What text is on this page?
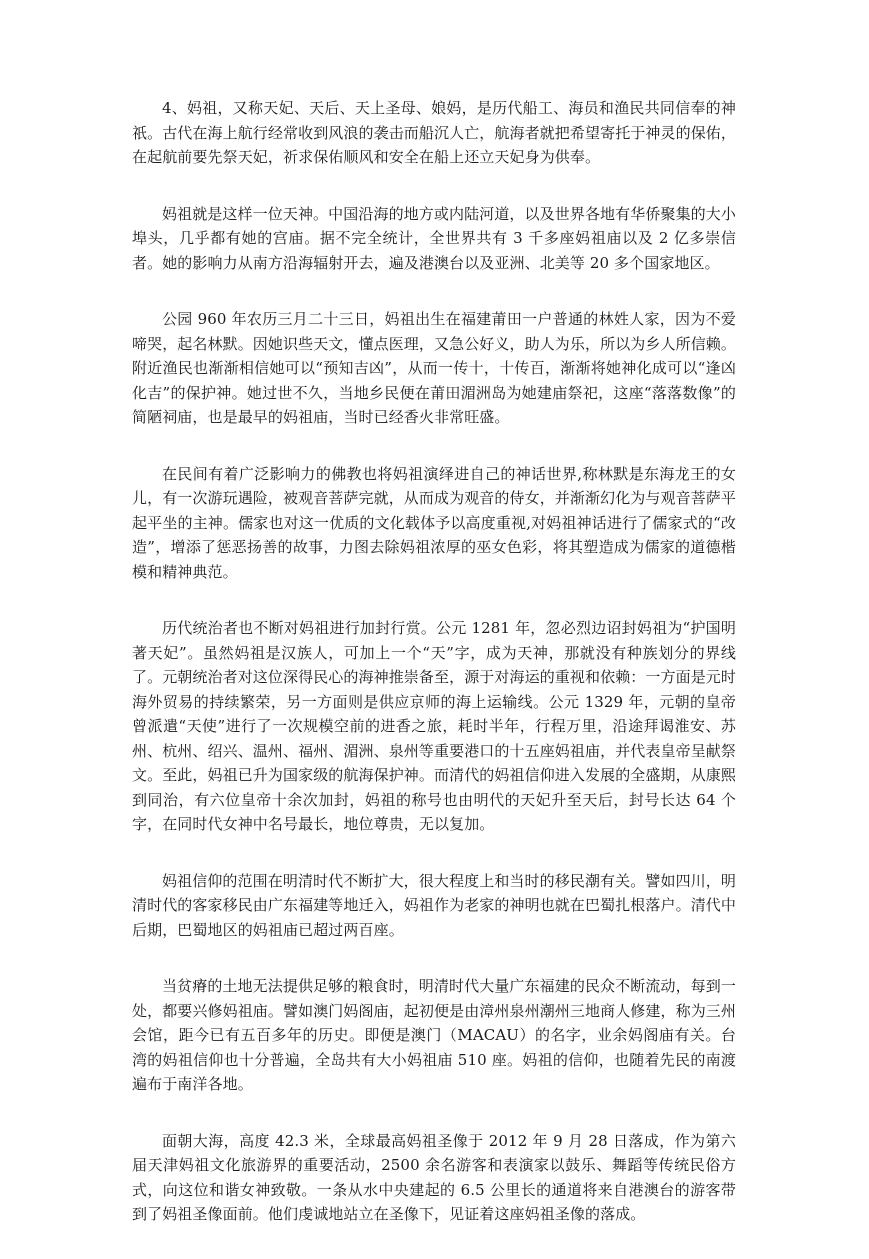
4、妈祖，又称天妃、天后、天上圣母、娘妈，是历代船工、海员和渔民共同信奉的神祇。古代在海上航行经常收到风浪的袭击而船沉人亡，航海者就把希望寄托于神灵的保佑，在起航前要先祭天妃，祈求保佑顺风和安全在船上还立天妃身为供奉。

妈祖就是这样一位天神。中国沿海的地方或内陆河道，以及世界各地有华侨聚集的大小埠头，几乎都有她的宫庙。据不完全统计，全世界共有 3 千多座妈祖庙以及 2 亿多崇信者。她的影响力从南方沿海辐射开去，遍及港澳台以及亚洲、北美等 20 多个国家地区。

公园 960 年农历三月二十三日，妈祖出生在福建莆田一户普通的林姓人家，因为不爱啼哭，起名林默。因她识些天文，懂点医理，又急公好义，助人为乐，所以为乡人所信赖。附近渔民也渐渐相信她可以“预知吉凶”，从而一传十，十传百，渐渐将她神化成可以“逢凶化吉”的保护神。她过世不久，当地乡民便在莆田湄洲岛为她建庙祭祀，这座“落落数像”的简陋祠庙，也是最早的妈祖庙，当时已经香火非常旺盛。

在民间有着广泛影响力的佛教也将妈祖演绎进自己的神话世界,称林默是东海龙王的女儿，有一次游玩遇险，被观音菩萨完就，从而成为观音的侍女，并渐渐幻化为与观音菩萨平起平坐的主神。儒家也对这一优质的文化载体予以高度重视,对妈祖神话进行了儒家式的“改造”，增添了惩恶扬善的故事，力图去除妈祖浓厚的巫女色彩，将其塑造成为儒家的道德楷模和精神典范。

历代统治者也不断对妈祖进行加封行赏。公元 1281 年，忽必烈边诏封妈祖为“护国明著天妃”。虽然妈祖是汉族人，可加上一个“天”字，成为天神，那就没有种族划分的界线了。元朝统治者对这位深得民心的海神推崇备至，源于对海运的重视和依赖：一方面是元时海外贸易的持续繁荣，另一方面则是供应京师的海上运输线。公元 1329 年，元朝的皇帝曾派遣“天使”进行了一次规模空前的进香之旅，耗时半年，行程万里，沿途拜谒淮安、苏州、杭州、绍兴、温州、福州、湄洲、泉州等重要港口的十五座妈祖庙，并代表皇帝呈献祭文。至此，妈祖已升为国家级的航海保护神。而清代的妈祖信仰进入发展的全盛期，从康熙到同治，有六位皇帝十余次加封，妈祖的称号也由明代的天妃升至天后，封号长达 64 个字，在同时代女神中名号最长，地位尊贵，无以复加。

妈祖信仰的范围在明清时代不断扩大，很大程度上和当时的移民潮有关。譬如四川，明清时代的客家移民由广东福建等地迁入，妈祖作为老家的神明也就在巴蜀扎根落户。清代中后期，巴蜀地区的妈祖庙已超过两百座。

当贫瘠的土地无法提供足够的粮食时，明清时代大量广东福建的民众不断流动，每到一处，都要兴修妈祖庙。譬如澳门妈阁庙，起初便是由漳州泉州潮州三地商人修建，称为三州会馆，距今已有五百多年的历史。即便是澳门（MACAU）的名字，业余妈阁庙有关。台湾的妈祖信仰也十分普遍，全岛共有大小妈祖庙 510 座。妈祖的信仰，也随着先民的南渡遍布于南洋各地。

面朝大海，高度 42.3 米，全球最高妈祖圣像于 2012 年 9 月 28 日落成，作为第六届天津妈祖文化旅游界的重要活动，2500 余名游客和表演家以鼓乐、舞蹈等传统民俗方式，向这位和谐女神致敬。一条从水中央建起的 6.5 公里长的通道将来自港澳台的游客带到了妈祖圣像面前。他们虔诚地站立在圣像下，见证着这座妈祖圣像的落成。
